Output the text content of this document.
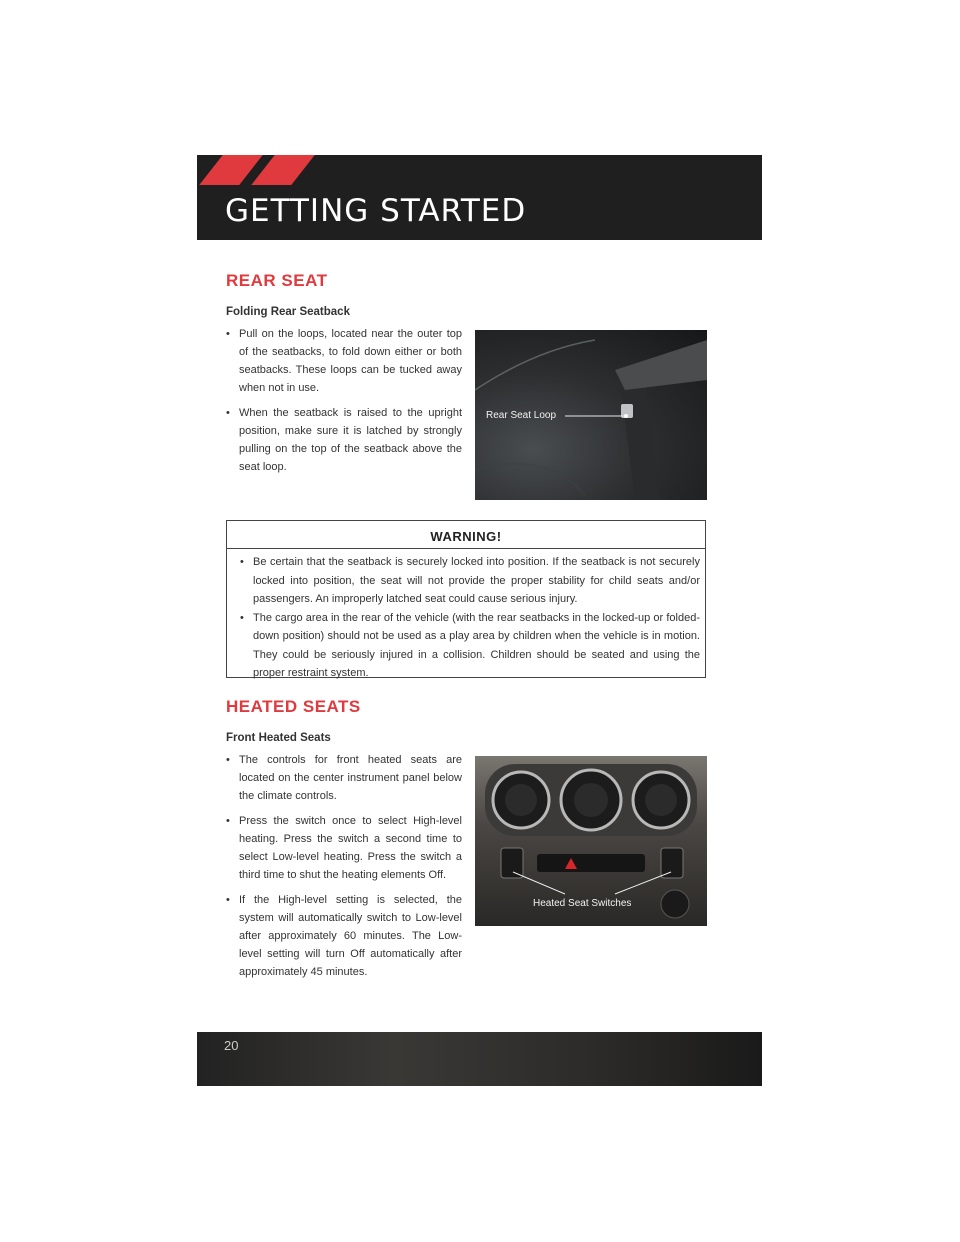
GETTING STARTED
REAR SEAT
Folding Rear Seatback
• Pull on the loops, located near the outer top of the seatbacks, to fold down either or both seatbacks. These loops can be tucked away when not in use.
• When the seatback is raised to the upright position, make sure it is latched by strongly pulling on the top of the seatback above the seat loop.
Rear Seat Loop
WARNING!
• Be certain that the seatback is securely locked into position. If the seatback is not securely locked into position, the seat will not provide the proper stability for child seats and/or passengers. An improperly latched seat could cause serious injury.
• The cargo area in the rear of the vehicle (with the rear seatbacks in the locked-up or folded-down position) should not be used as a play area by children when the vehicle is in motion. They could be seriously injured in a collision. Children should be seated and using the proper restraint system.
HEATED SEATS
Front Heated Seats
• The controls for front heated seats are located on the center instrument panel below the climate controls.
• Press the switch once to select High-level heating. Press the switch a second time to select Low-level heating. Press the switch a third time to shut the heating elements Off.
• If the High-level setting is selected, the system will automatically switch to Low-level after approximately 60 minutes. The Low-level setting will turn Off automatically after approximately 45 minutes.
Heated Seat Switches
20
